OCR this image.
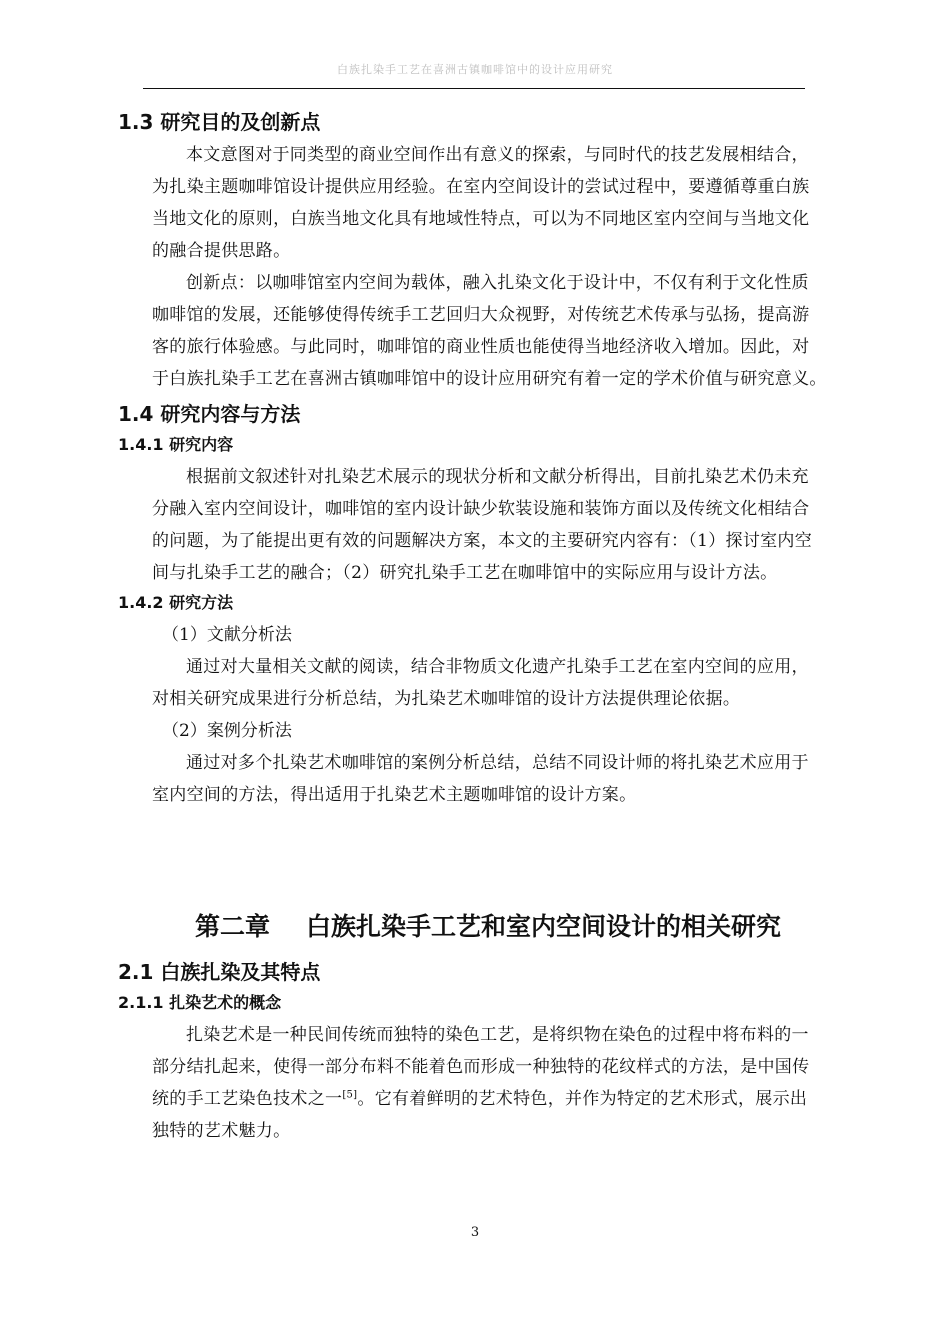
白族扎染手工艺在喜洲古镇咖啡馆中的设计应用研究
1.3 研究目的及创新点

本文意图对于同类型的商业空间作出有意义的探索，与同时代的技艺发展相结合，
为扎染主题咖啡馆设计提供应用经验。在室内空间设计的尝试过程中，要遵循尊重白族
当地文化的原则，白族当地文化具有地域性特点，可以为不同地区室内空间与当地文化
的融合提供思路。

创新点：以咖啡馆室内空间为载体，融入扎染文化于设计中，不仅有利于文化性质
咖啡馆的发展，还能够使得传统手工艺回归大众视野，对传统艺术传承与弘扬，提高游
客的旅行体验感。与此同时，咖啡馆的商业性质也能使得当地经济收入增加。因此，对
于白族扎染手工艺在喜洲古镇咖啡馆中的设计应用研究有着一定的学术价值与研究意义。

1.4 研究内容与方法
1.4.1 研究内容

根据前文叙述针对扎染艺术展示的现状分析和文献分析得出，目前扎染艺术仍未充
分融入室内空间设计，咖啡馆的室内设计缺少软装设施和装饰方面以及传统文化相结合
的问题，为了能提出更有效的问题解决方案，本文的主要研究内容有：（1）探讨室内空
间与扎染手工艺的融合；（2）研究扎染手工艺在咖啡馆中的实际应用与设计方法。

1.4.2 研究方法

（1）文献分析法

通过对大量相关文献的阅读，结合非物质文化遗产扎染手工艺在室内空间的应用，
对相关研究成果进行分析总结，为扎染艺术咖啡馆的设计方法提供理论依据。

（2）案例分析法

通过对多个扎染艺术咖啡馆的案例分析总结，总结不同设计师的将扎染艺术应用于
室内空间的方法，得出适用于扎染艺术主题咖啡馆的设计方案。

第二章 白族扎染手工艺和室内空间设计的相关研究
2.1 白族扎染及其特点
2.1.1 扎染艺术的概念

扎染艺术是一种民间传统而独特的染色工艺，是将织物在染色的过程中将布料的一
部分结扎起来，使得一部分布料不能着色而形成一种独特的花纹样式的方法，是中国传
统的手工艺染色技术之一[5]。它有着鲜明的艺术特色，并作为特定的艺术形式，展示出
独特的艺术魅力。

3
